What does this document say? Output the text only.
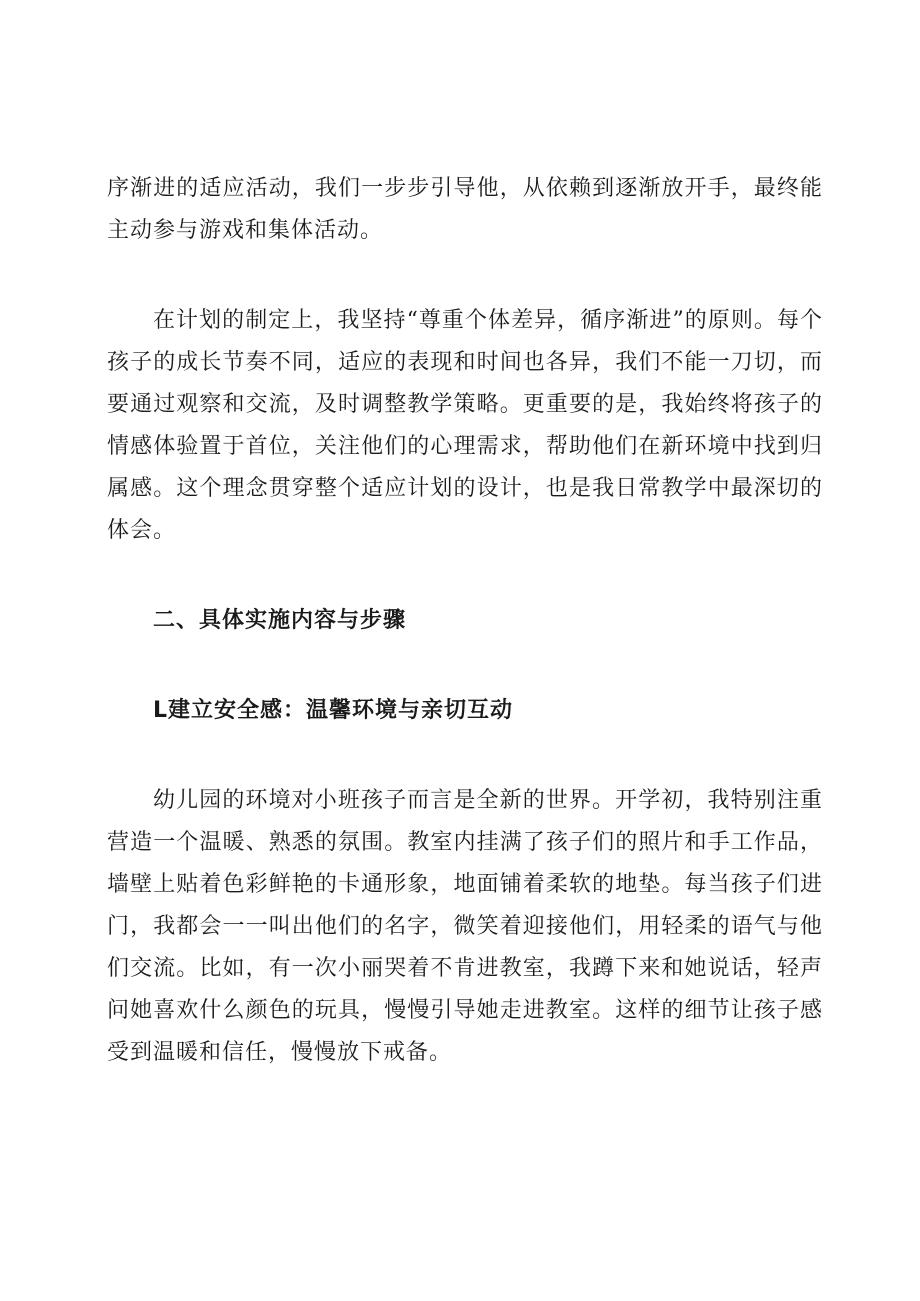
序渐进的适应活动，我们一步步引导他，从依赖到逐渐放开手，最终能主动参与游戏和集体活动。

在计划的制定上，我坚持“尊重个体差异，循序渐进”的原则。每个孩子的成长节奏不同，适应的表现和时间也各异，我们不能一刀切，而要通过观察和交流，及时调整教学策略。更重要的是，我始终将孩子的情感体验置于首位，关注他们的心理需求，帮助他们在新环境中找到归属感。这个理念贯穿整个适应计划的设计，也是我日常教学中最深切的体会。

二、具体实施内容与步骤
L建立安全感：温馨环境与亲切互动

幼儿园的环境对小班孩子而言是全新的世界。开学初，我特别注重营造一个温暖、熟悉的氛围。教室内挂满了孩子们的照片和手工作品，墙壁上贴着色彩鲜艳的卡通形象，地面铺着柔软的地垫。每当孩子们进门，我都会一一叫出他们的名字，微笑着迎接他们，用轻柔的语气与他们交流。比如，有一次小丽哭着不肯进教室，我蹲下来和她说话，轻声问她喜欢什么颜色的玩具，慢慢引导她走进教室。这样的细节让孩子感受到温暖和信任，慢慢放下戒备。
